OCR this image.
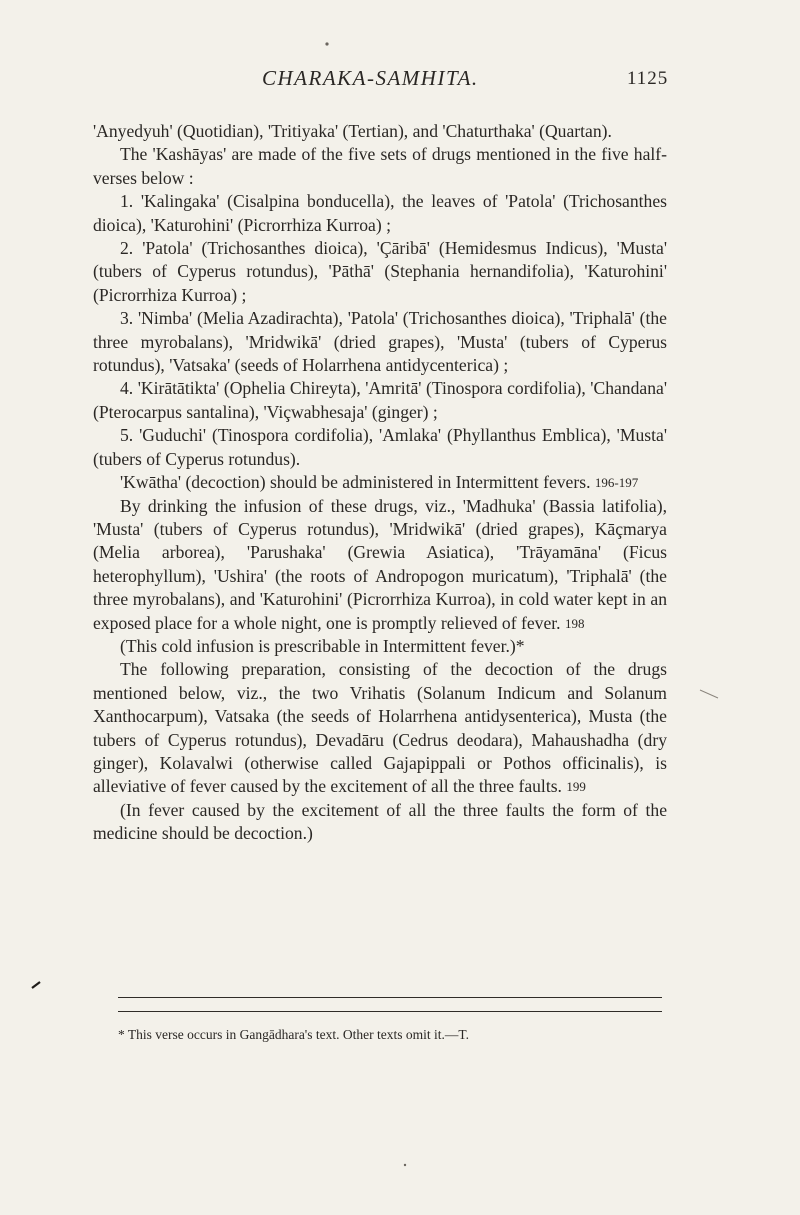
CHARAKA-SAMHITA.	1125

'Anyedyuh' (Quotidian), 'Tritiyaka' (Tertian), and 'Chaturthaka' (Quartan).

The 'Kashāyas' are made of the five sets of drugs mentioned in the five half-verses below :

1. 'Kalingaka' (Cisalpina bonducella), the leaves of 'Patola' (Trichosanthes dioica), 'Katurohini' (Picrorrhiza Kurroa) ;

2. 'Patola' (Trichosanthes dioica), 'Çāribā' (Hemidesmus Indicus), 'Musta' (tubers of Cyperus rotundus), 'Pāthā' (Stephania hernandifolia), 'Katurohini' (Picrorrhiza Kurroa) ;

3. 'Nimba' (Melia Azadirachta), 'Patola' (Trichosanthes dioica), 'Triphalā' (the three myrobalans), 'Mridwikā' (dried grapes), 'Musta' (tubers of Cyperus rotundus), 'Vatsaka' (seeds of Holarrhena antidycenterica) ;

4. 'Kirātātikta' (Ophelia Chireyta), 'Amritā' (Tinospora cordifolia), 'Chandana' (Pterocarpus santalina), 'Viçwabhesaja' (ginger) ;

5. 'Guduchi' (Tinospora cordifolia), 'Amlaka' (Phyllanthus Emblica), 'Musta' (tubers of Cyperus rotundus).

'Kwātha' (decoction) should be administered in Intermittent fevers. 196-197

By drinking the infusion of these drugs, viz., 'Madhuka' (Bassia latifolia), 'Musta' (tubers of Cyperus rotundus), 'Mridwikā' (dried grapes), Kāçmarya (Melia arborea), 'Parushaka' (Grewia Asiatica), 'Trāyamāna' (Ficus heterophyllum), 'Ushira' (the roots of Andropogon muricatum), 'Triphalā' (the three myrobalans), and 'Katurohini' (Picrorrhiza Kurroa), in cold water kept in an exposed place for a whole night, one is promptly relieved of fever. 198

(This cold infusion is prescribable in Intermittent fever.)*

The following preparation, consisting of the decoction of the drugs mentioned below, viz., the two Vrihatis (Solanum Indicum and Solanum Xanthocarpum), Vatsaka (the seeds of Holarrhena antidysenterica), Musta (the tubers of Cyperus rotundus), Devadāru (Cedrus deodara), Mahaushadha (dry ginger), Kolavalwi (otherwise called Gajapippali or Pothos officinalis), is alleviative of fever caused by the excitement of all the three faults. 199

(In fever caused by the excitement of all the three faults the form of the medicine should be decoction.)

* This verse occurs in Gangādhara's text. Other texts omit it.—T.
